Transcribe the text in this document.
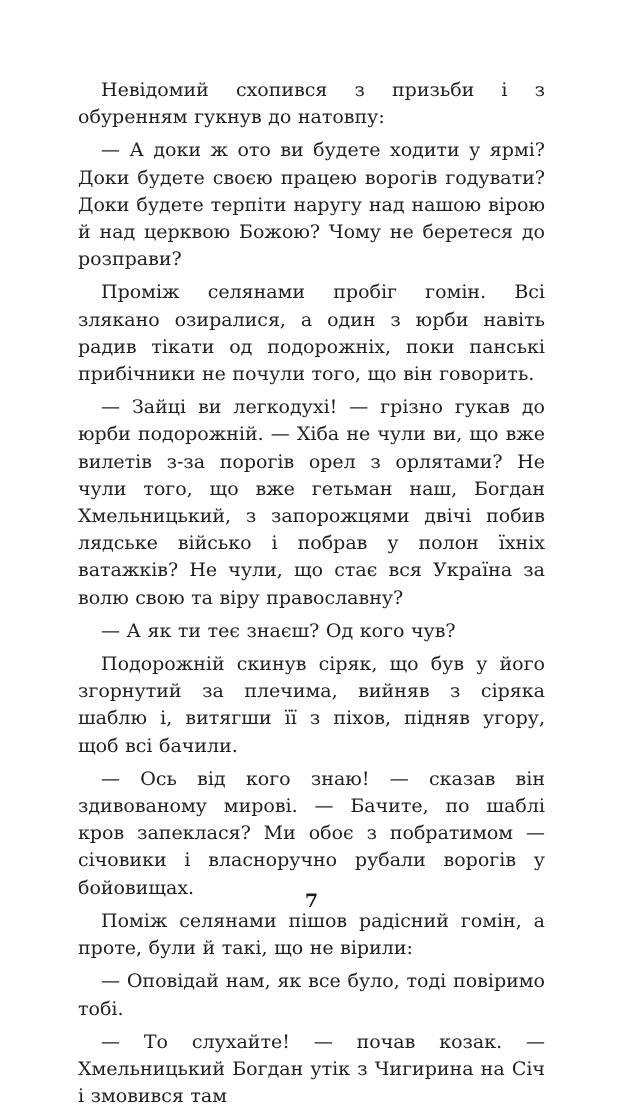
Невідомий схопився з призьби і з обуренням гукнув до натовпу:

— А доки ж ото ви будете ходити у ярмі? Доки будете своєю працею ворогів годувати? Доки будете терпіти наругу над нашою вірою й над церквою Божою? Чому не беретеся до розправи?

Проміж селянами пробіг гомін. Всі злякано озиралися, а один з юрби навіть радив тікати од подорожніх, поки панські прибічники не почули того, що він говорить.

— Зайці ви легкодухі! — грізно гукав до юрби подорожній. — Хіба не чули ви, що вже вилетів з-за порогів орел з орлятами? Не чули того, що вже гетьман наш, Богдан Хмельницький, з запорожцями двічі побив лядське військо і побрав у полон їхніх ватажків? Не чули, що стає вся Україна за волю свою та віру православну?

— А як ти теє знаєш? Од кого чув?

Подорожній скинув сіряк, що був у його згорнутий за плечима, вийняв з сіряка шаблю і, витягши її з піхов, підняв угору, щоб всі бачили.

— Ось від кого знаю! — сказав він здивованому мирові. — Бачите, по шаблі кров запеклася? Ми обоє з побратимом — січовики і власноручно рубали ворогів у бойовищах.

Поміж селянами пішов радісний гомін, а проте, були й такі, що не вірили:

— Оповідай нам, як все було, тоді повіримо тобі.

— То слухайте! — почав козак. — Хмельницький Богдан утік з Чигирина на Січ і змовився там

7
